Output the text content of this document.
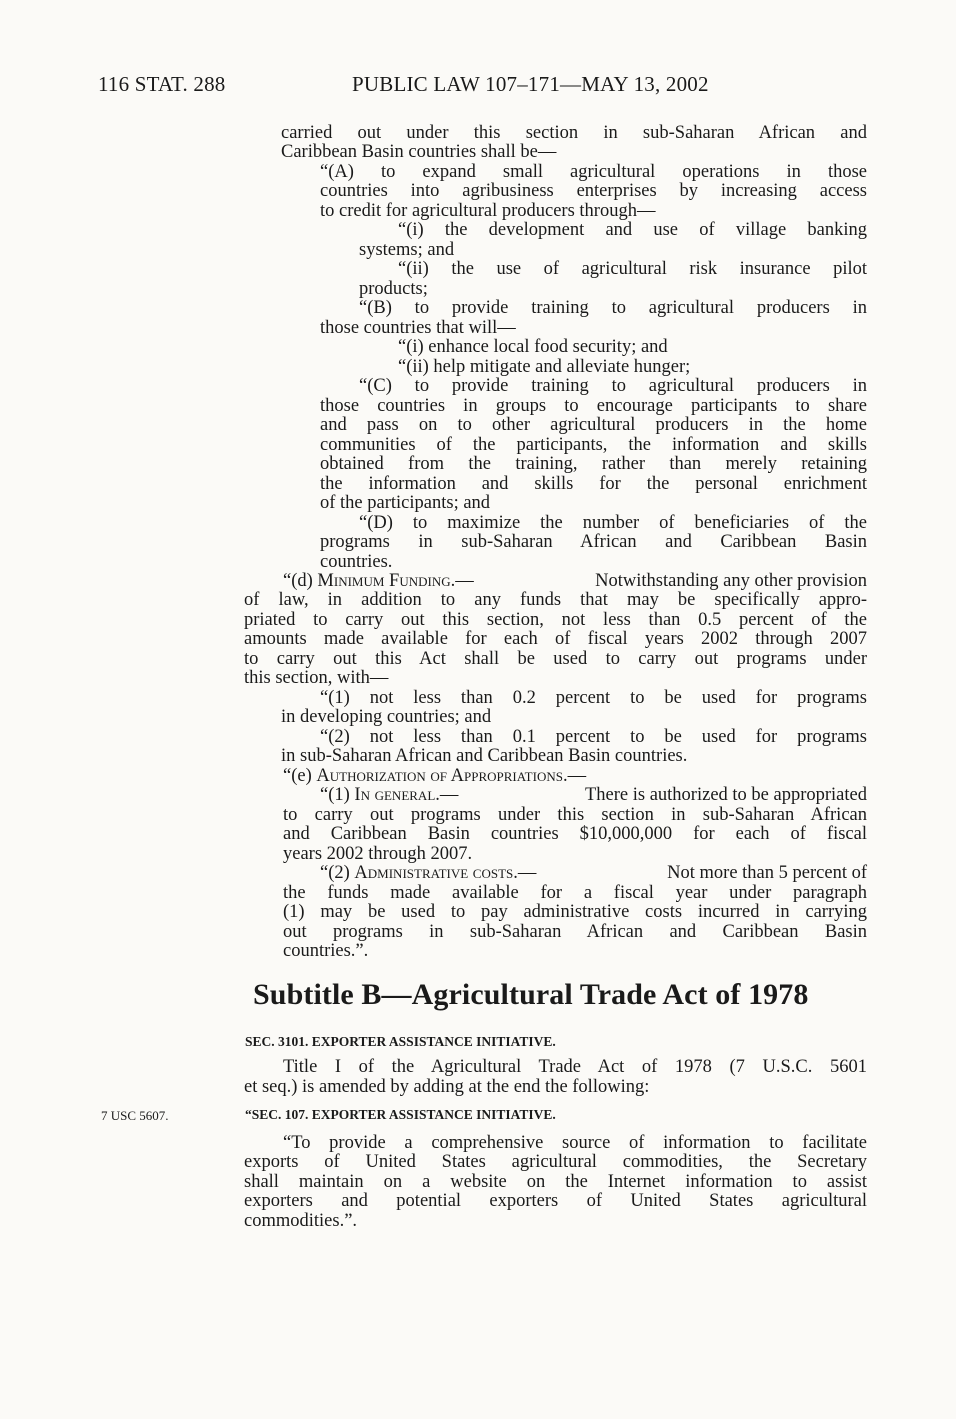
116 STAT. 288	PUBLIC LAW 107–171—MAY 13, 2002
carried out under this section in sub-Saharan African and
Caribbean Basin countries shall be—
“(A) to expand small agricultural operations in those
countries into agribusiness enterprises by increasing access
to credit for agricultural producers through—
“(i) the development and use of village banking
systems; and
“(ii) the use of agricultural risk insurance pilot
products;
“(B) to provide training to agricultural producers in
those countries that will—
“(i) enhance local food security; and
“(ii) help mitigate and alleviate hunger;
“(C) to provide training to agricultural producers in
those countries in groups to encourage participants to share
and pass on to other agricultural producers in the home
communities of the participants, the information and skills
obtained from the training, rather than merely retaining
the information and skills for the personal enrichment
of the participants; and
“(D) to maximize the number of beneficiaries of the
programs in sub-Saharan African and Caribbean Basin
countries.
“(d) Minimum Funding.—	Notwithstanding any other provision
of law, in addition to any funds that may be specifically appro-
priated to carry out this section, not less than 0.5 percent of the
amounts made available for each of fiscal years 2002 through 2007
to carry out this Act shall be used to carry out programs under
this section, with—
“(1) not less than 0.2 percent to be used for programs
in developing countries; and
“(2) not less than 0.1 percent to be used for programs
in sub-Saharan African and Caribbean Basin countries.
“(e) Authorization of Appropriations.—
“(1) In general.—	There is authorized to be appropriated
to carry out programs under this section in sub-Saharan African
and Caribbean Basin countries $10,000,000 for each of fiscal
years 2002 through 2007.
“(2) Administrative costs.—	Not more than 5 percent of
the funds made available for a fiscal year under paragraph
(1) may be used to pay administrative costs incurred in carrying
out programs in sub-Saharan African and Caribbean Basin
countries.”.
Subtitle B—Agricultural Trade Act of 1978
SEC. 3101. EXPORTER ASSISTANCE INITIATIVE.
Title I of the Agricultural Trade Act of 1978 (7 U.S.C. 5601
et seq.) is amended by adding at the end the following:
7 USC 5607.	“SEC. 107. EXPORTER ASSISTANCE INITIATIVE.
“To provide a comprehensive source of information to facilitate
exports of United States agricultural commodities, the Secretary
shall maintain on a website on the Internet information to assist
exporters and potential exporters of United States agricultural
commodities.”.
